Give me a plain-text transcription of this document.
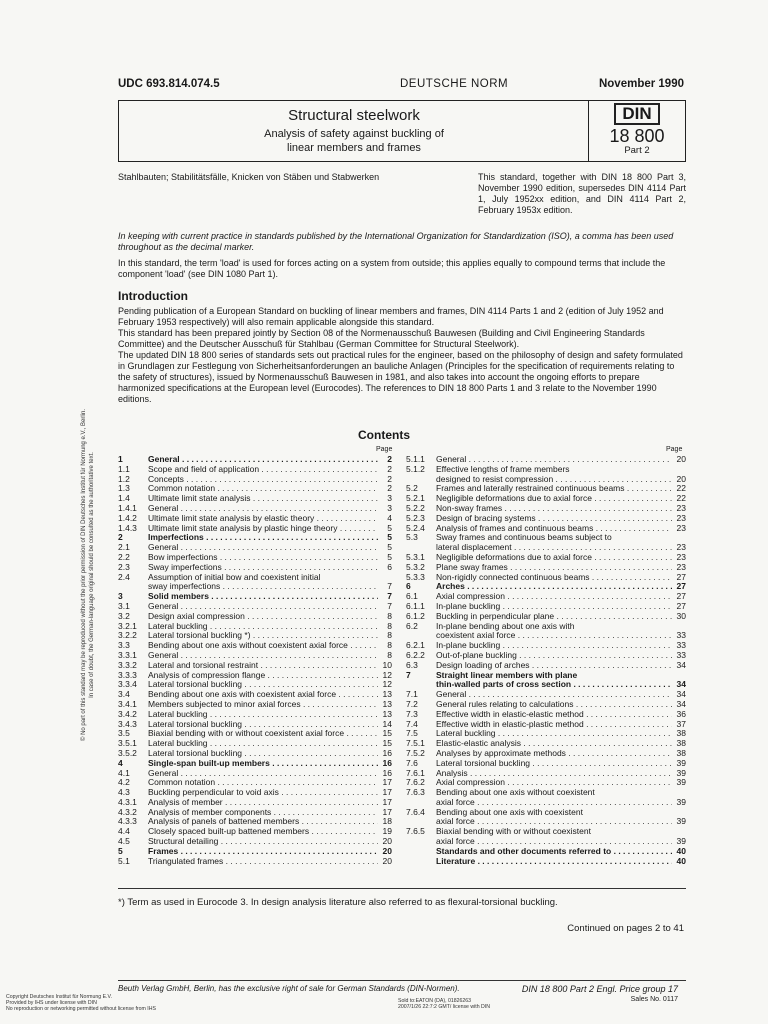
UDC 693.814.074.5	DEUTSCHE NORM	November 1990
Structural steelwork
Analysis of safety against buckling of
linear members and frames
DIN
18 800
Part 2
Stahlbauten; Stabilitätsfälle, Knicken von Stäben und Stabwerken	This standard, together with DIN 18 800 Part 3, November 1990 edition, supersedes DIN 4114 Part 1, July 1952xx edition, and DIN 4114 Part 2, February 1953x edition.
In keeping with current practice in standards published by the International Organization for Standardization (ISO), a comma has been used throughout as the decimal marker.
In this standard, the term 'load' is used for forces acting on a system from outside; this applies equally to compound terms that include the component 'load' (see DIN 1080 Part 1).
Introduction

Pending publication of a European Standard on buckling of linear members and frames, DIN 4114 Parts 1 and 2 (edition of July 1952 and February 1953 respectively) will also remain applicable alongside this standard.

This standard has been prepared jointly by Section 08 of the Normenausschuß Bauwesen (Building and Civil Engineering Standards Committee) and the Deutscher Ausschuß für Stahlbau (German Committee for Structural Steelwork).

The updated DIN 18 800 series of standards sets out practical rules for the engineer, based on the philosophy of design and safety formulated in Grundlagen zur Festlegung von Sicherheitsanforderungen an bauliche Anlagen (Principles for the specification of requirements relating to the safety of structures), issued by Normenausschuß Bauwesen in 1981, and also takes into account the ongoing efforts to prepare harmonized specifications at the European level (Eurocodes). The references to DIN 18 800 Parts 1 and 3 relate to the November 1990 editions.

Contents
Page	Page
1	General . . .	2
1.1	Scope and field of application . . .	2
1.2	Concepts . . .	2
1.3	Common notation . . .	2
1.4	Ultimate limit state analysis . . .	3
1.4.1	General . . .	3
1.4.2	Ultimate limit state analysis by elastic theory . . .	4
1.4.3	Ultimate limit state analysis by plastic hinge theory . . .	5
2	Imperfections . . .	5
2.1	General . . .	5
2.2	Bow imperfections . . .	5
2.3	Sway imperfections . . .	6
2.4	Assumption of initial bow and coexistent initial
sway imperfections . . .	7
3	Solid members . . .	7
3.1	General . . .	7
3.2	Design axial compression . . .	8
3.2.1	Lateral buckling . . .	8
3.2.2	Lateral torsional buckling *) . . .	8
3.3	Bending about one axis without coexistent axial force . . .	8
3.3.1	General . . .	8
3.3.2	Lateral and torsional restraint . . .	10
3.3.3	Analysis of compression flange . . .	12
3.3.4	Lateral torsional buckling . . .	12
3.4	Bending about one axis with coexistent axial force . . .	13
3.4.1	Members subjected to minor axial forces . . .	13
3.4.2	Lateral buckling . . .	13
3.4.3	Lateral torsional buckling . . .	14
3.5	Biaxial bending with or without coexistent axial force . . .	15
3.5.1	Lateral buckling . . .	15
3.5.2	Lateral torsional buckling . . .	16
4	Single-span built-up members . . .	16
4.1	General . . .	16
4.2	Common notation . . .	17
4.3	Buckling perpendicular to void axis . . .	17
4.3.1	Analysis of member . . .	17
4.3.2	Analysis of member components . . .	17
4.3.3	Analysis of panels of battened members . . .	18
4.4	Closely spaced built-up battened members . . .	19
4.5	Structural detailing . . .	20
5	Frames . . .	20
5.1	Triangulated frames . . .	20
5.1.1	General . . .	20
5.1.2	Effective lengths of frame members
designed to resist compression . . .	20
5.2	Frames and laterally restrained continuous beams . . .	22
5.2.1	Negligible deformations due to axial force . . .	22
5.2.2	Non-sway frames . . .	23
5.2.3	Design of bracing systems . . .	23
5.2.4	Analysis of frames and continuous beams . . .	23
5.3	Sway frames and continuous beams subject to
lateral displacement . . .	23
5.3.1	Negligible deformations due to axial force . . .	23
5.3.2	Plane sway frames . . .	23
5.3.3	Non-rigidly connected continuous beams . . .	27
6	Arches . . .	27
6.1	Axial compression . . .	27
6.1.1	In-plane buckling . . .	27
6.1.2	Buckling in perpendicular plane . . .	30
6.2	In-plane bending about one axis with
coexistent axial force . . .	33
6.2.1	In-plane buckling . . .	33
6.2.2	Out-of-plane buckling . . .	33
6.3	Design loading of arches . . .	34
7	Straight linear members with plane
thin-walled parts of cross section . . .	34
7.1	General . . .	34
7.2	General rules relating to calculations . . .	34
7.3	Effective width in elastic-elastic method . . .	36
7.4	Effective width in elastic-plastic method . . .	37
7.5	Lateral buckling . . .	38
7.5.1	Elastic-elastic analysis . . .	38
7.5.2	Analyses by approximate methods . . .	38
7.6	Lateral torsional buckling . . .	39
7.6.1	Analysis . . .	39
7.6.2	Axial compression . . .	39
7.6.3	Bending about one axis without coexistent
axial force . . .	39
7.6.4	Bending about one axis with coexistent
axial force . . .	39
7.6.5	Biaxial bending with or without coexistent
axial force . . .	39
Standards and other documents referred to . . .	40
Literature . . .	40
*) Term as used in Eurocode 3. In design analysis literature also referred to as flexural-torsional buckling.
Continued on pages 2 to 41
Beuth Verlag GmbH, Berlin, has the exclusive right of sale for German Standards (DIN-Normen).	DIN 18 800 Part 2 Engl. Price group 17
Sales No. 0117
Copyright Deutsches Institut für Normung E.V.
Provided by IHS under license with DIN
No reproduction or networking permitted without license from IHS
Sold to:EATON (DA), 01826263
2007/1/26 22:7:2 GMT/ license with DIN
© No part of this standard may be reproduced without the prior permission of DIN Deutsches Institut für Normung e.V., Berlin. In case of doubt, the German-language original should be consulted as the authoritative text.
